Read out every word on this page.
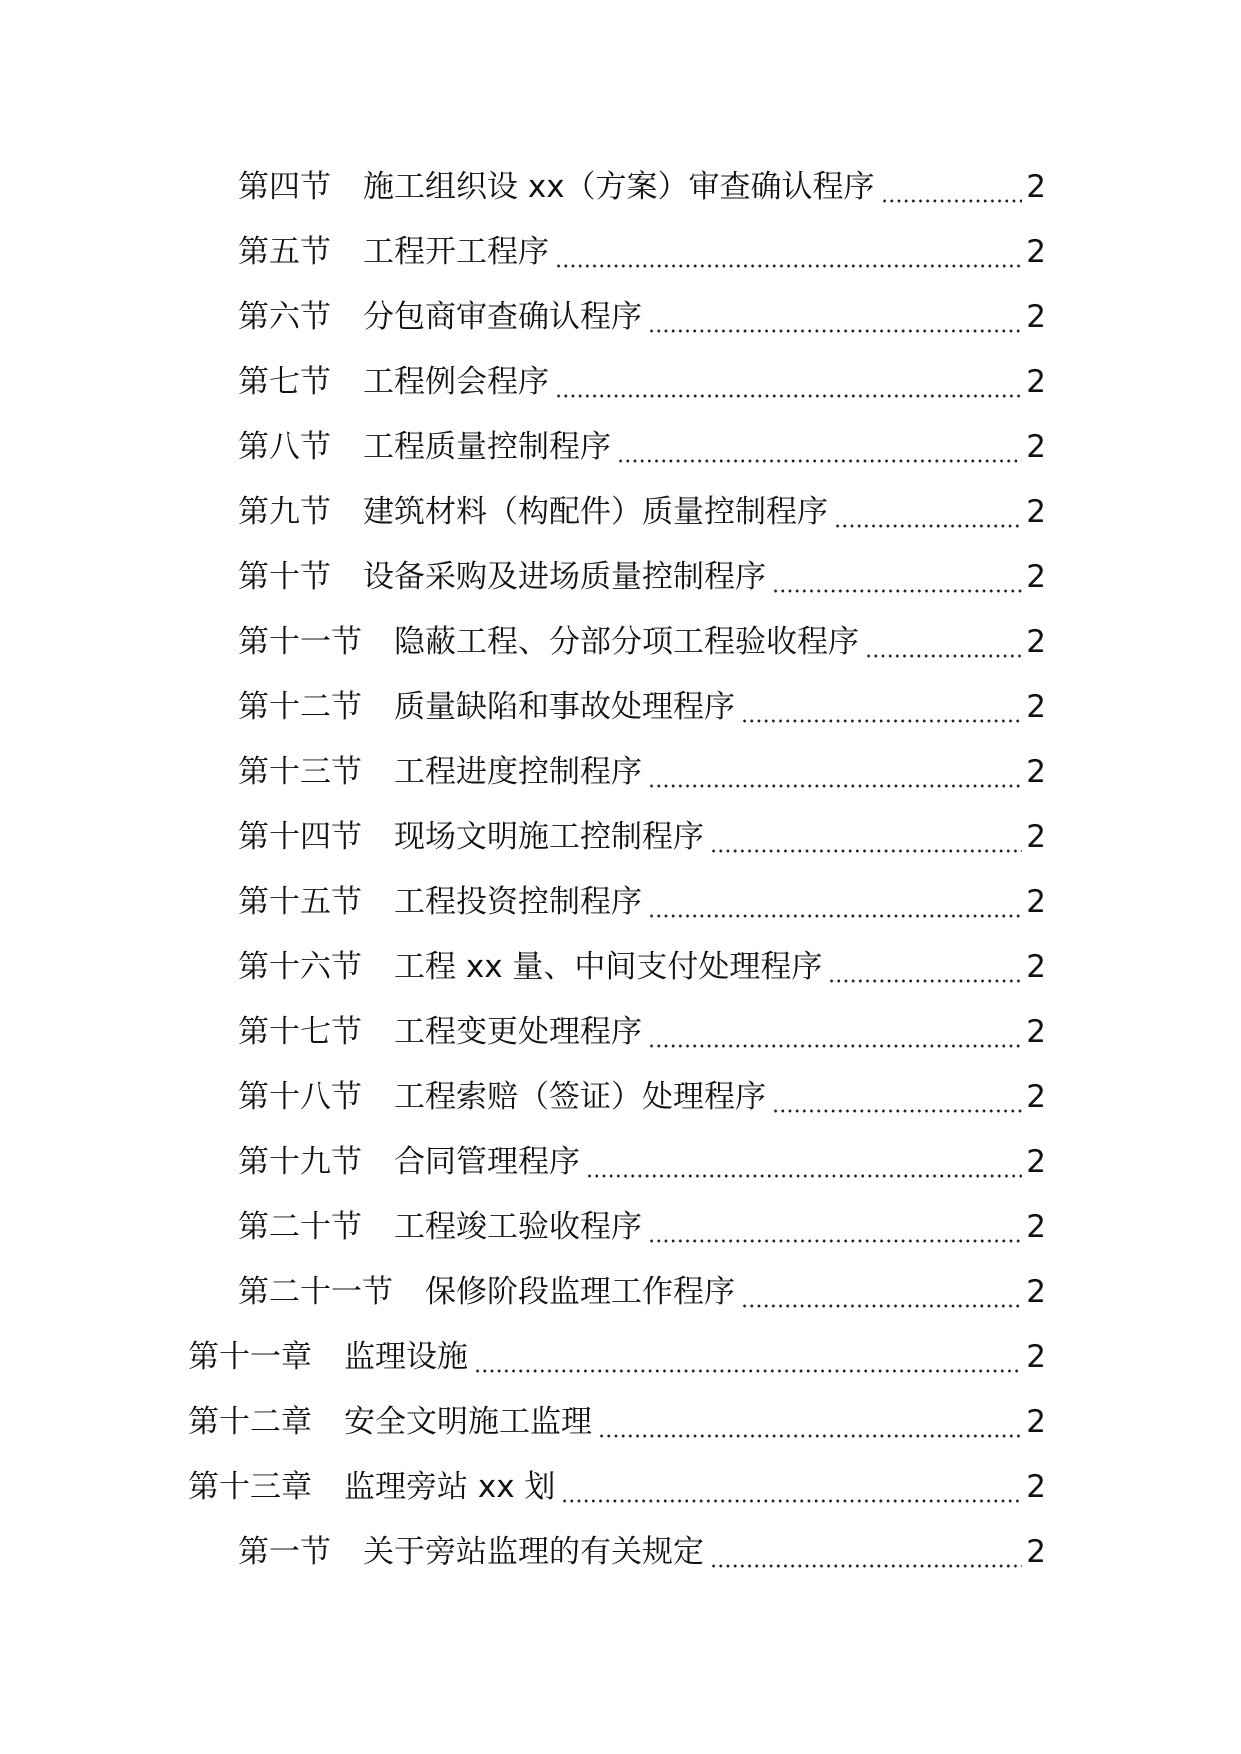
第四节 施工组织设 xx（方案）审查确认程序	2
第五节 工程开工程序	2
第六节 分包商审查确认程序	2
第七节 工程例会程序	2
第八节 工程质量控制程序	2
第九节 建筑材料（构配件）质量控制程序	2
第十节 设备采购及进场质量控制程序	2
第十一节 隐蔽工程、分部分项工程验收程序	2
第十二节 质量缺陷和事故处理程序	2
第十三节 工程进度控制程序	2
第十四节 现场文明施工控制程序	2
第十五节 工程投资控制程序	2
第十六节 工程 xx 量、中间支付处理程序	2
第十七节 工程变更处理程序	2
第十八节 工程索赔（签证）处理程序	2
第十九节 合同管理程序	2
第二十节 工程竣工验收程序	2
第二十一节 保修阶段监理工作程序	2
第十一章 监理设施	2
第十二章 安全文明施工监理	2
第十三章 监理旁站 xx 划	2
第一节 关于旁站监理的有关规定	2
